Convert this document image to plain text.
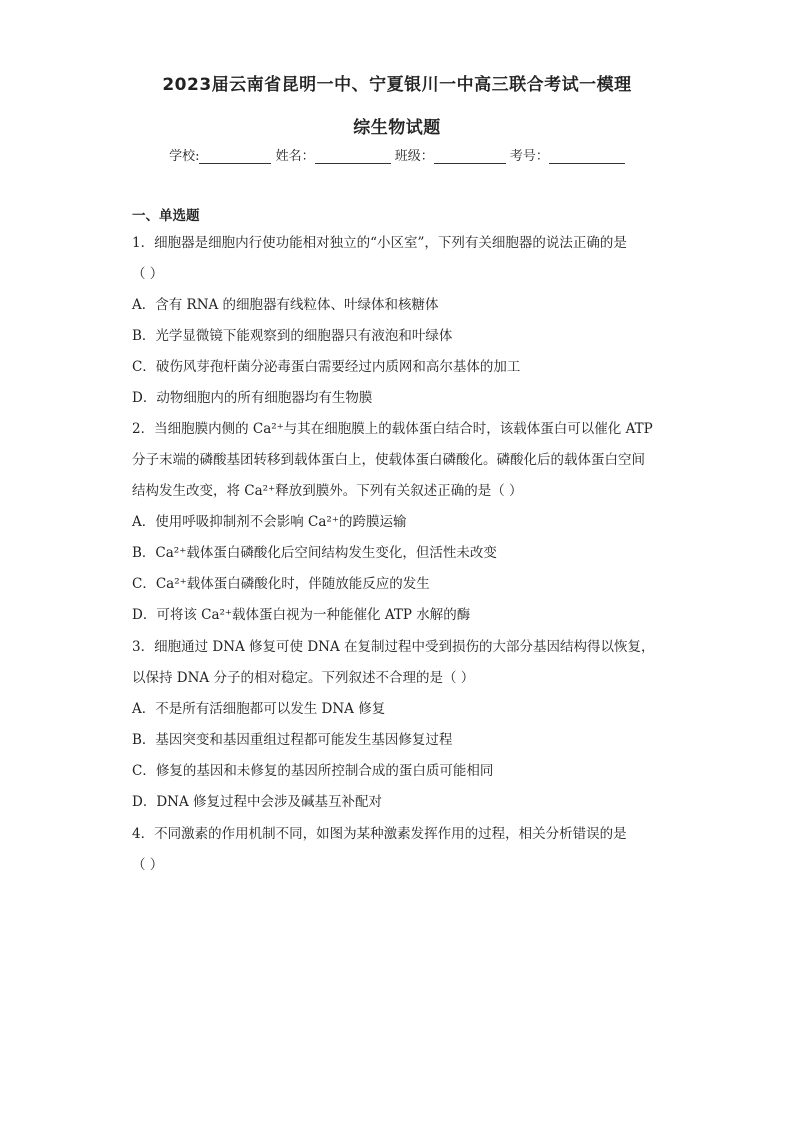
2023届云南省昆明一中、宁夏银川一中高三联合考试一模理
综生物试题
学校:	姓名：	班级：	考号：
一、单选题
1．细胞器是细胞内行使功能相对独立的“小区室”，下列有关细胞器的说法正确的是
（ ）
A．含有 RNA 的细胞器有线粒体、叶绿体和核糖体
B．光学显微镜下能观察到的细胞器只有液泡和叶绿体
C．破伤风芽孢杆菌分泌毒蛋白需要经过内质网和高尔基体的加工
D．动物细胞内的所有细胞器均有生物膜
2．当细胞膜内侧的 Ca²⁺与其在细胞膜上的载体蛋白结合时，该载体蛋白可以催化 ATP
分子末端的磷酸基团转移到载体蛋白上，使载体蛋白磷酸化。磷酸化后的载体蛋白空间
结构发生改变，将 Ca²⁺释放到膜外。下列有关叙述正确的是（ ）
A．使用呼吸抑制剂不会影响 Ca²⁺的跨膜运输
B．Ca²⁺载体蛋白磷酸化后空间结构发生变化，但活性未改变
C．Ca²⁺载体蛋白磷酸化时，伴随放能反应的发生
D．可将该 Ca²⁺载体蛋白视为一种能催化 ATP 水解的酶
3．细胞通过 DNA 修复可使 DNA 在复制过程中受到损伤的大部分基因结构得以恢复，
以保持 DNA 分子的相对稳定。下列叙述不合理的是（ ）
A．不是所有活细胞都可以发生 DNA 修复
B．基因突变和基因重组过程都可能发生基因修复过程
C．修复的基因和未修复的基因所控制合成的蛋白质可能相同
D．DNA 修复过程中会涉及碱基互补配对
4．不同激素的作用机制不同，如图为某种激素发挥作用的过程，相关分析错误的是
（ ）
